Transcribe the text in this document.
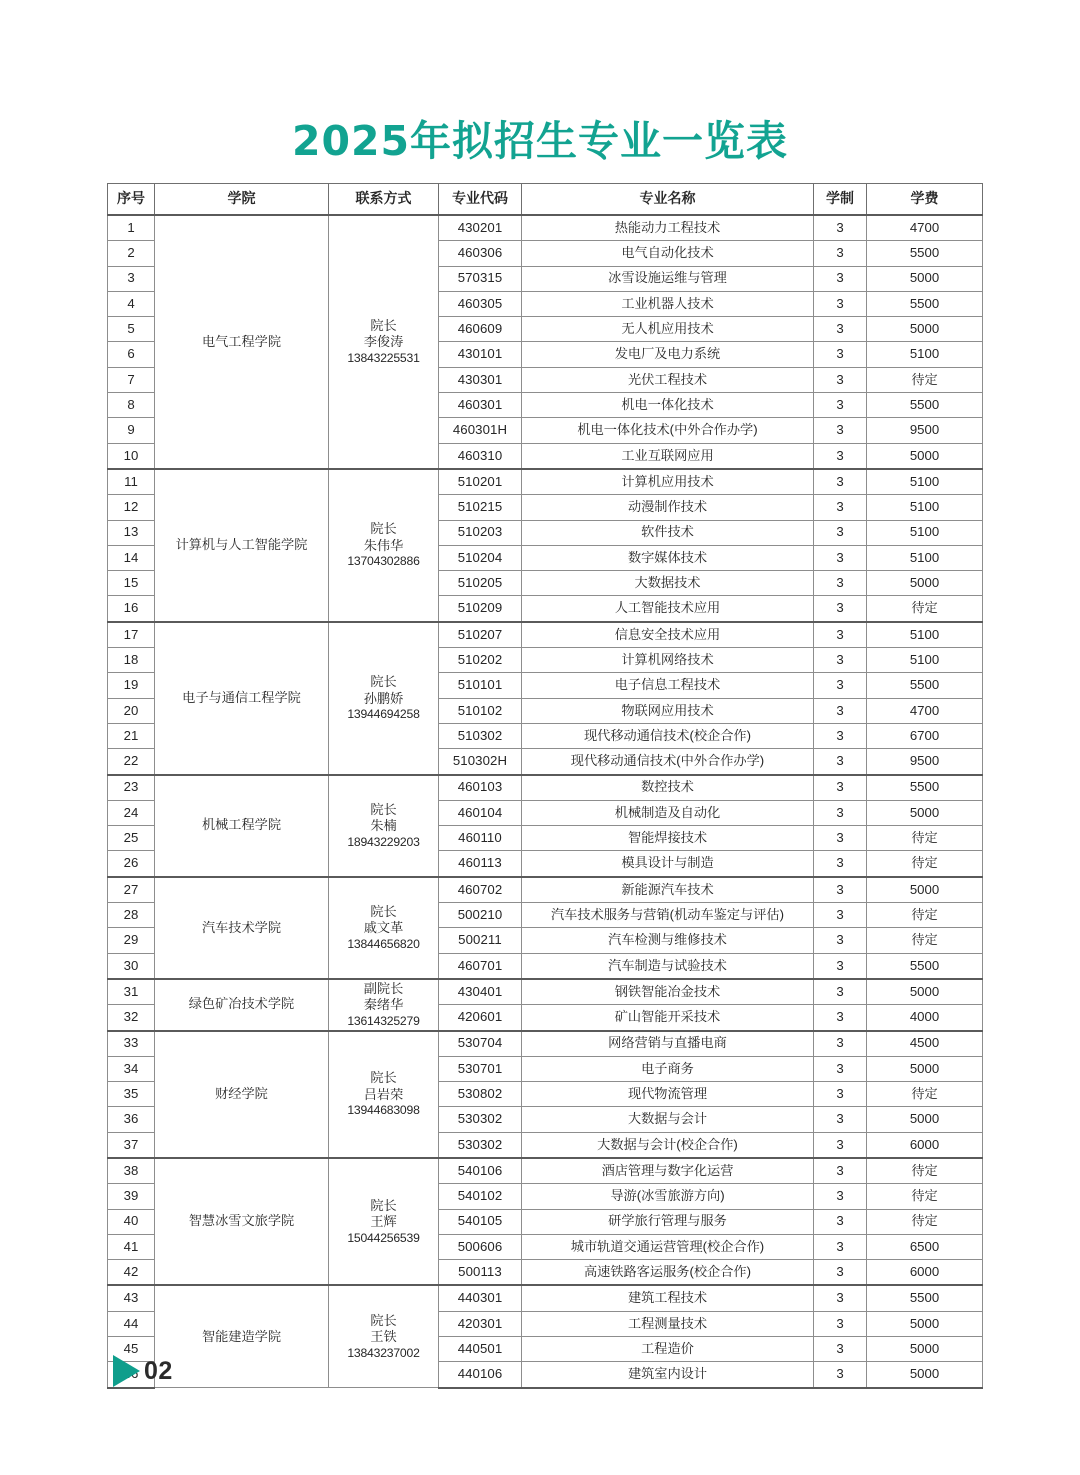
2025年拟招生专业一览表
序号	学院	联系方式	专业代码	专业名称	学制	学费
1	电气工程学院	院长
李俊涛
13843225531	430201	热能动力工程技术	3	4700
2			460306	电气自动化技术	3	5500
3			570315	冰雪设施运维与管理	3	5000
4			460305	工业机器人技术	3	5500
5			460609	无人机应用技术	3	5000
6			430101	发电厂及电力系统	3	5100
7			430301	光伏工程技术	3	待定
8			460301	机电一体化技术	3	5500
9			460301H	机电一体化技术(中外合作办学)	3	9500
10			460310	工业互联网应用	3	5000
11	计算机与人工智能学院	院长
朱伟华
13704302886	510201	计算机应用技术	3	5100
12			510215	动漫制作技术	3	5100
13			510203	软件技术	3	5100
14			510204	数字媒体技术	3	5100
15			510205	大数据技术	3	5000
16			510209	人工智能技术应用	3	待定
17	电子与通信工程学院	院长
孙鹏娇
13944694258	510207	信息安全技术应用	3	5100
18			510202	计算机网络技术	3	5100
19			510101	电子信息工程技术	3	5500
20			510102	物联网应用技术	3	4700
21			510302	现代移动通信技术(校企合作)	3	6700
22			510302H	现代移动通信技术(中外合作办学)	3	9500
23	机械工程学院	院长
朱楠
18943229203	460103	数控技术	3	5500
24			460104	机械制造及自动化	3	5000
25			460110	智能焊接技术	3	待定
26			460113	模具设计与制造	3	待定
27	汽车技术学院	院长
戚文革
13844656820	460702	新能源汽车技术	3	5000
28			500210	汽车技术服务与营销(机动车鉴定与评估)	3	待定
29			500211	汽车检测与维修技术	3	待定
30			460701	汽车制造与试验技术	3	5500
31	绿色矿冶技术学院	副院长
秦绪华
13614325279	430401	钢铁智能冶金技术	3	5000
32			420601	矿山智能开采技术	3	4000
33	财经学院	院长
吕岩荣
13944683098	530704	网络营销与直播电商	3	4500
34			530701	电子商务	3	5000
35			530802	现代物流管理	3	待定
36			530302	大数据与会计	3	5000
37			530302	大数据与会计(校企合作)	3	6000
38	智慧冰雪文旅学院	院长
王辉
15044256539	540106	酒店管理与数字化运营	3	待定
39			540102	导游(冰雪旅游方向)	3	待定
40			540105	研学旅行管理与服务	3	待定
41			500606	城市轨道交通运营管理(校企合作)	3	6500
42			500113	高速铁路客运服务(校企合作)	3	6000
43	智能建造学院	院长
王铁
13843237002	440301	建筑工程技术	3	5500
44			420301	工程测量技术	3	5000
45			440501	工程造价	3	5000
46			440106	建筑室内设计	3	5000
02
